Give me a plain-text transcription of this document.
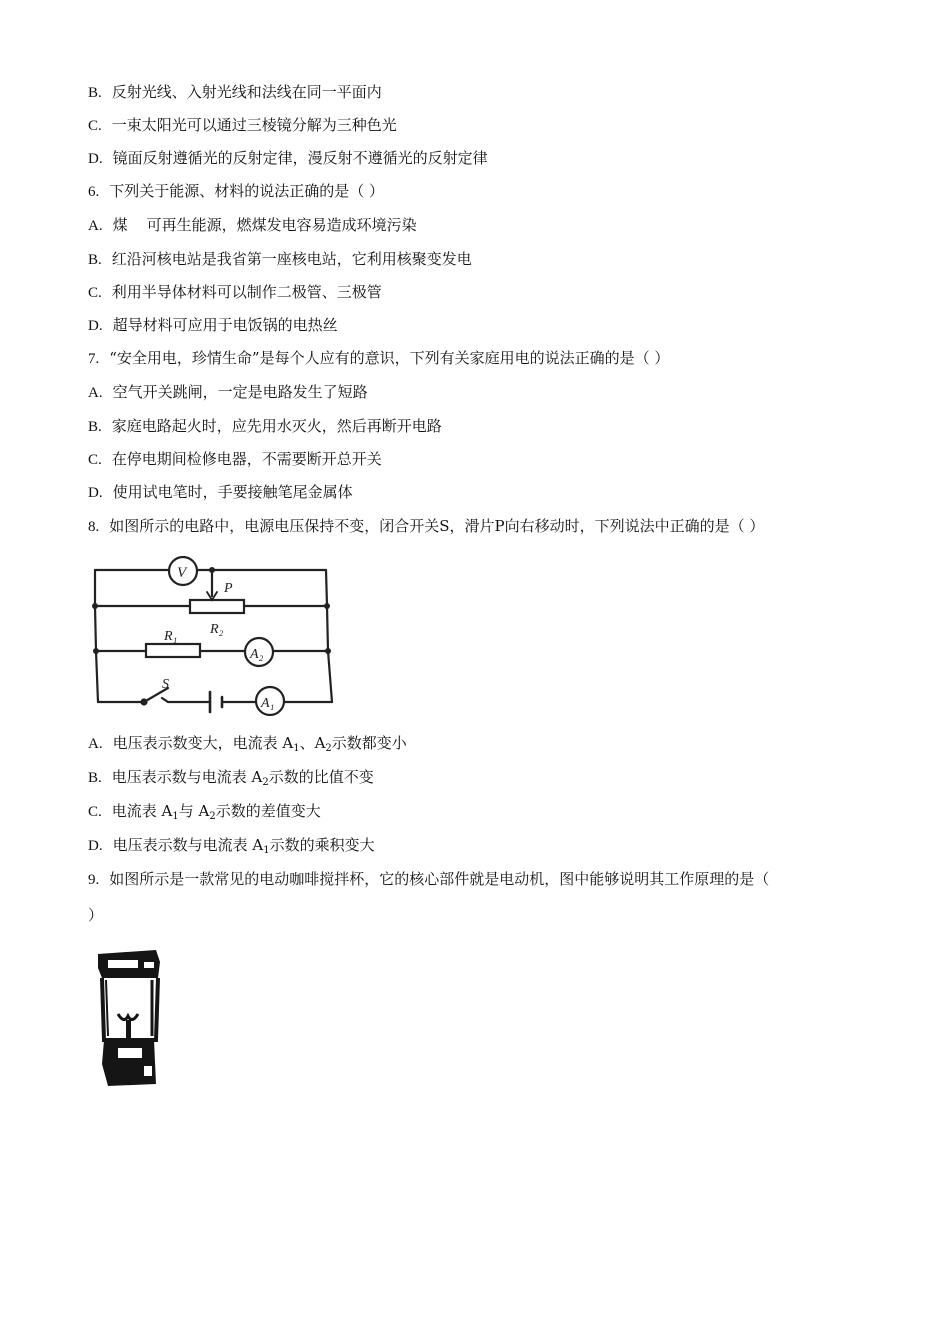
B. 反射光线、入射光线和法线在同一平面内
C. 一束太阳光可以通过三棱镜分解为三种色光
D. 镜面反射遵循光的反射定律，漫反射不遵循光的反射定律
6. 下列关于能源、材料的说法正确的是（ ）
A. 煤    可再生能源，燃煤发电容易造成环境污染
B. 红沿河核电站是我省第一座核电站，它利用核聚变发电
C. 利用半导体材料可以制作二极管、三极管
D. 超导材料可应用于电饭锅的电热丝
7. “安全用电，珍情生命”是每个人应有的意识，下列有关家庭用电的说法正确的是（ ）
A. 空气开关跳闸，一定是电路发生了短路
B. 家庭电路起火时，应先用水灭火，然后再断开电路
C. 在停电期间检修电器，不需要断开总开关
D. 使用试电笔时，手要接触笔尾金属体
8. 如图所示的电路中，电源电压保持不变，闭合开关S，滑片P向右移动时，下列说法中正确的是（ ）
V
P
R₂
R₁
A₂
S
A₁
A. 电压表示数变大，电流表 $A_1$、$A_2$示数都变小
B. 电压表示数与电流表 $A_2$示数的比值不变
C. 电流表 $A_1$与 $A_2$示数的差值变大
D. 电压表示数与电流表 $A_1$示数的乘积变大
9. 如图所示是一款常见的电动咖啡搅拌杯，它的核心部件就是电动机，图中能够说明其工作原理的是（
）
